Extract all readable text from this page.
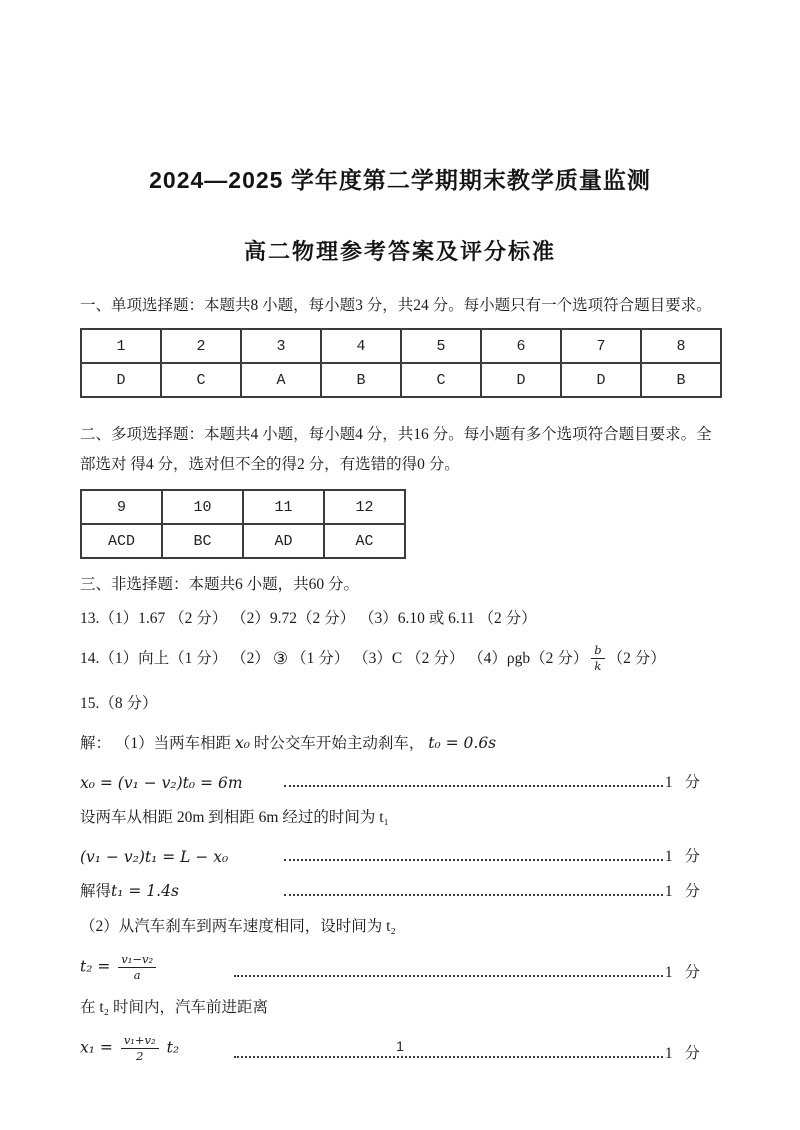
2024—2025 学年度第二学期期末教学质量监测
高二物理参考答案及评分标准

一、单项选择题：本题共8 小题，每小题3 分，共24 分。每小题只有一个选项符合题目要求。

1	2	3	4	5	6	7	8
D	C	A	B	C	D	D	B

二、多项选择题：本题共4 小题，每小题4 分，共16 分。每小题有多个选项符合题目要求。全部选对 得4 分，选对但不全的得2 分，有选错的得0 分。

9	10	11	12
ACD	BC	AD	AC

三、非选择题：本题共6 小题，共60 分。

13.（1）1.67 （2 分） （2）9.72（2 分） （3）6.10 或 6.11 （2 分）

14.（1）向上（1 分） （2） ③ （1 分） （3）C （2 分） （4）ρgb（2 分） $\frac{b}{k} (2$ 分）

15.（8 分）

解： （1）当两车相距 x₀ 时公交车开始主动刹车， t₀ = 0.6s

x₀ = (v₁ − v₂)t₀ = 6m	1 分

设两车从相距 20m 到相距 6m 经过的时间为 t₁

(v₁ − v₂)t₁ = L − x₀	1 分
解得t₁ = 1.4s	1 分

（2）从汽车刹车到两车速度相同，设时间为 t₂

$t_2 = \frac{\text{v₁−v₂}}{a}$	1 分

在 t₂ 时间内，汽车前进距离

$x_1 = \frac{\text{v₁+v₂}}{2} t_2$	1 分
1
